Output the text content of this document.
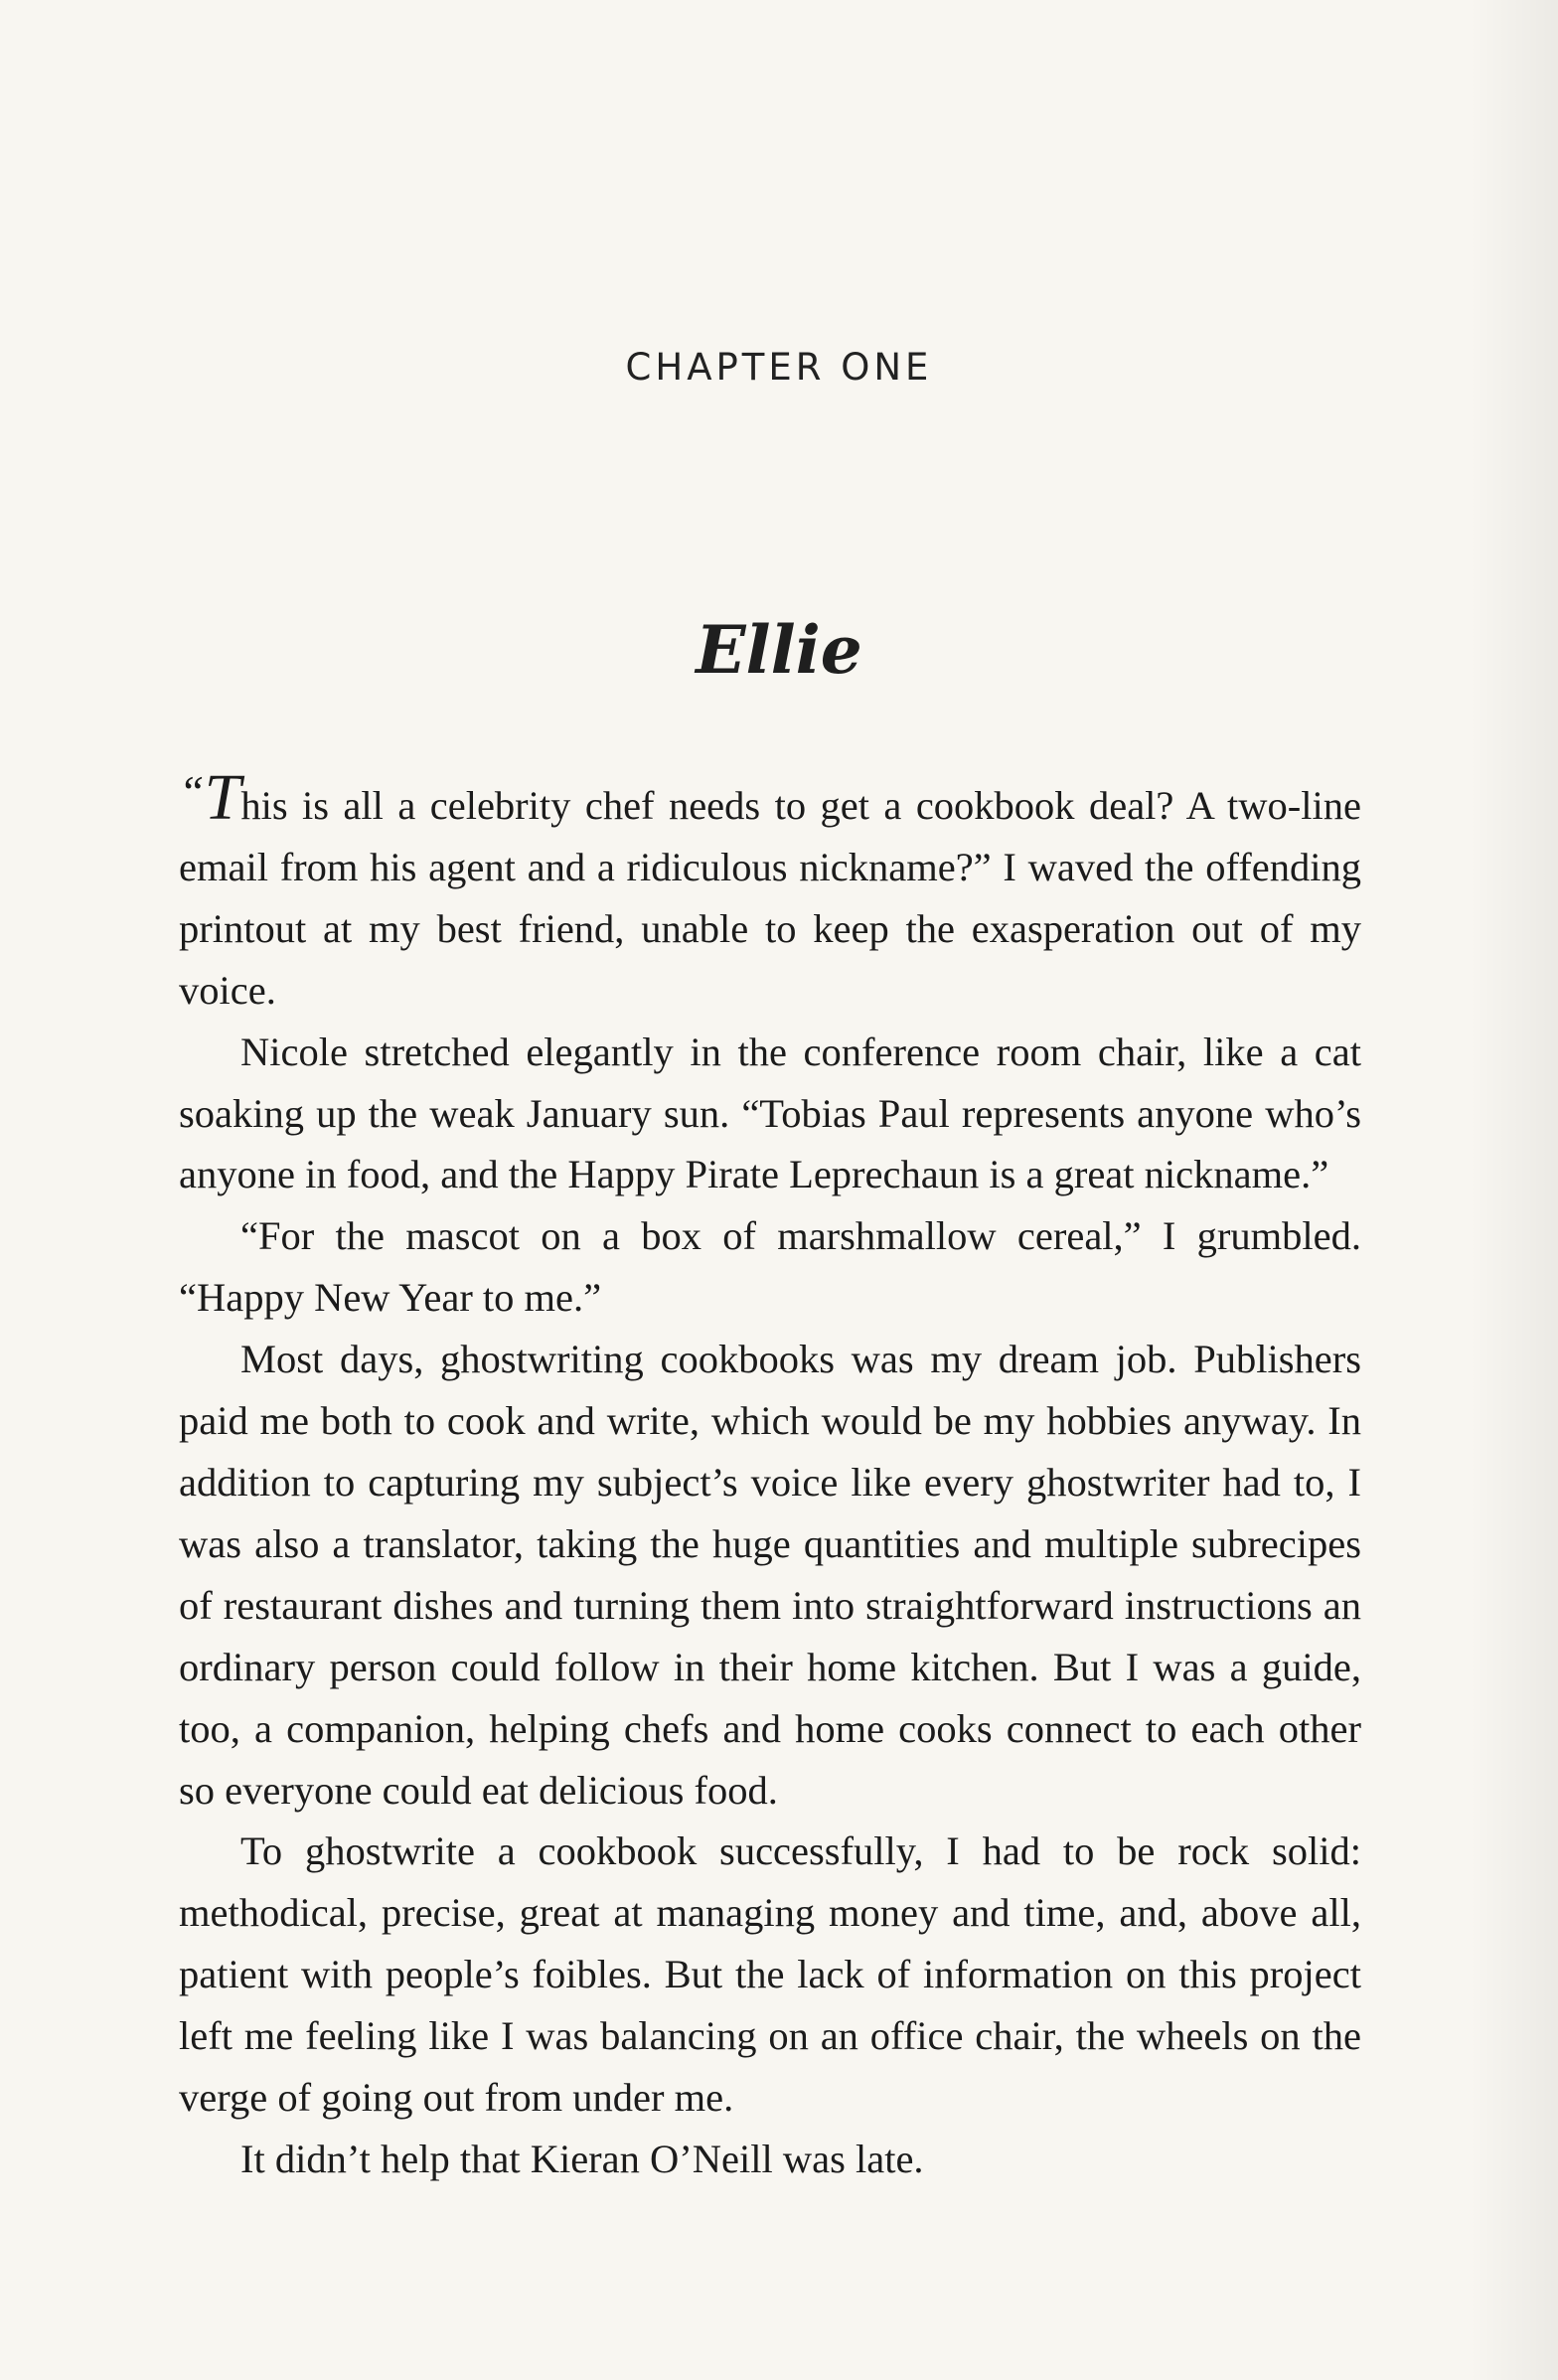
CHAPTER ONE
Ellie

“This is all a celebrity chef needs to get a cookbook deal? A two-line email from his agent and a ridiculous nickname?” I waved the offending printout at my best friend, unable to keep the exasperation out of my voice.

Nicole stretched elegantly in the conference room chair, like a cat soaking up the weak January sun. “Tobias Paul represents anyone who’s anyone in food, and the Happy Pirate Leprechaun is a great nickname.”

“For the mascot on a box of marshmallow cereal,” I grumbled. “Happy New Year to me.”

Most days, ghostwriting cookbooks was my dream job. Publishers paid me both to cook and write, which would be my hobbies anyway. In addition to capturing my subject’s voice like every ghostwriter had to, I was also a translator, taking the huge quantities and multiple subrecipes of restaurant dishes and turning them into straightforward instructions an ordinary person could follow in their home kitchen. But I was a guide, too, a companion, helping chefs and home cooks connect to each other so everyone could eat delicious food.

To ghostwrite a cookbook successfully, I had to be rock solid: methodical, precise, great at managing money and time, and, above all, patient with people’s foibles. But the lack of information on this project left me feeling like I was balancing on an office chair, the wheels on the verge of going out from under me.

It didn’t help that Kieran O’Neill was late.
